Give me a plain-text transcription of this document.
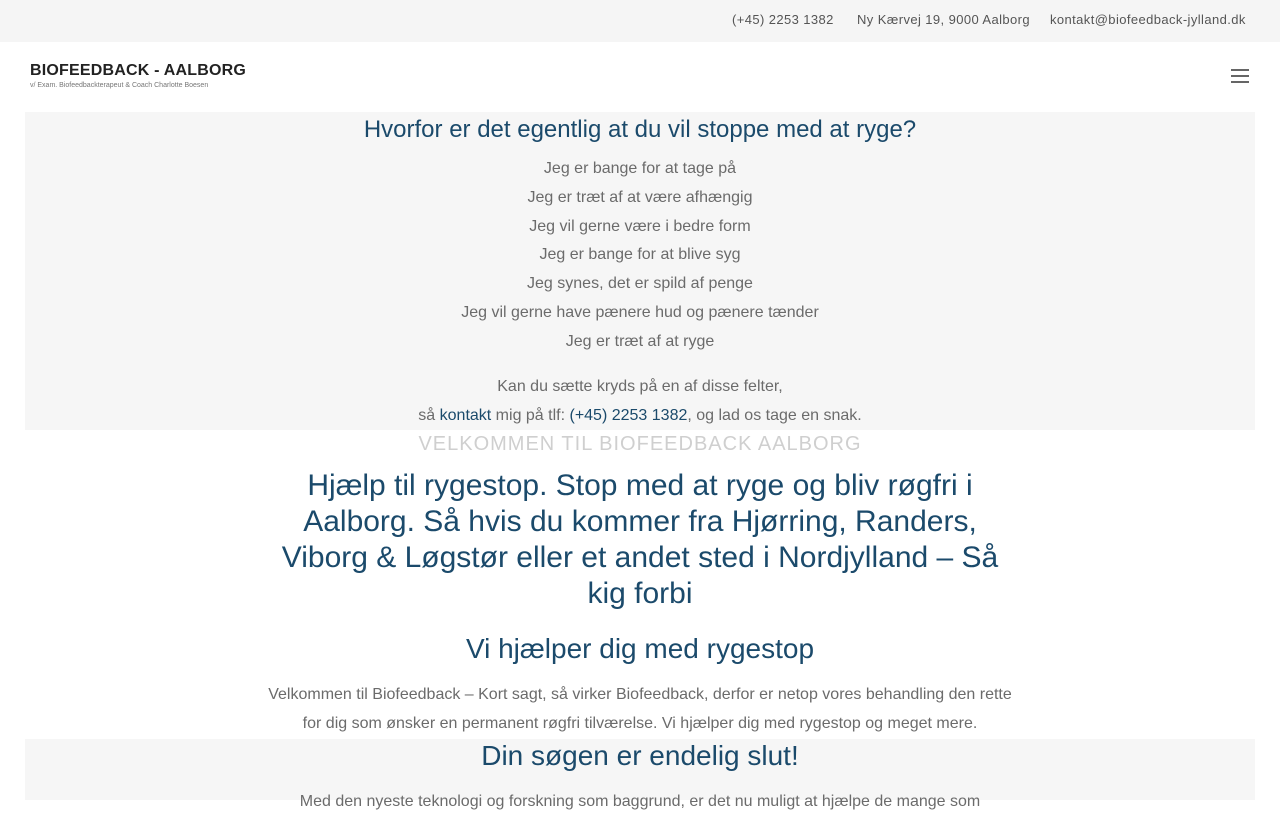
(+45) 2253 1382 Ny Kærvej 19, 9000 Aalborg kontakt@biofeedback-jylland.dk
BIOFEEDBACK - AALBORG
v/ Exam. Biofeedbackterapeut & Coach Charlotte Boesen
Hvorfor er det egentlig at du vil stoppe med at ryge?
Jeg er bange for at tage på
Jeg er træt af at være afhængig
Jeg vil gerne være i bedre form
Jeg er bange for at blive syg
Jeg synes, det er spild af penge
Jeg vil gerne have pænere hud og pænere tænder
Jeg er træt af at ryge
Kan du sætte kryds på en af disse felter,
så kontakt mig på tlf: (+45) 2253 1382, og lad os tage en snak.
VELKOMMEN TIL BIOFEEDBACK AALBORG
Hjælp til rygestop. Stop med at ryge og bliv røgfri i Aalborg. Så hvis du kommer fra Hjørring, Randers, Viborg & Løgstør eller et andet sted i Nordjylland – Så kig forbi
Vi hjælper dig med rygestop

Velkommen til Biofeedback – Kort sagt, så virker Biofeedback, derfor er netop vores behandling den rette for dig som ønsker en permanent røgfri tilværelse. Vi hjælper dig med rygestop og meget mere.

Din søgen er endelig slut!

Med den nyeste teknologi og forskning som baggrund, er det nu muligt at hjælpe de mange som
